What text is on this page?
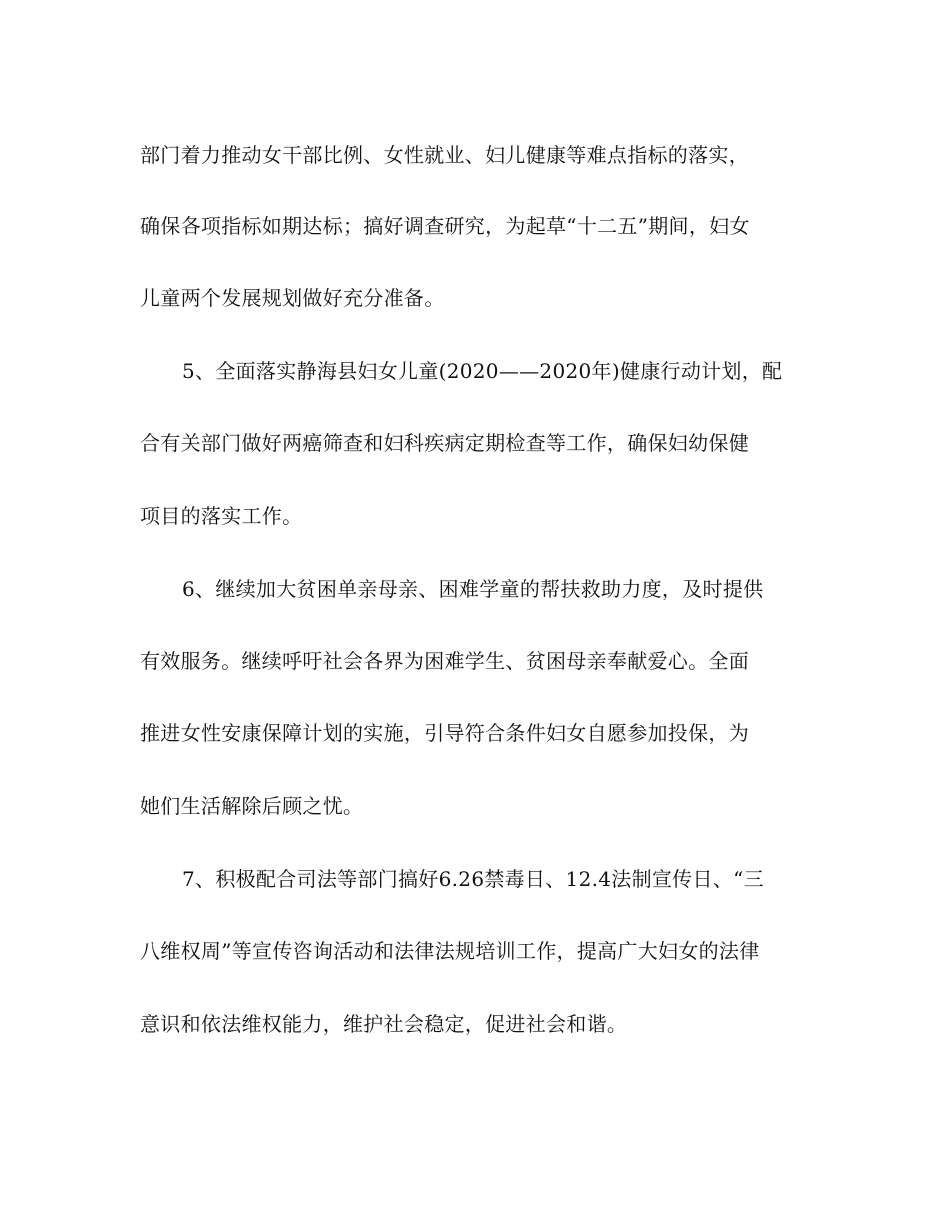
部门着力推动女干部比例、女性就业、妇儿健康等难点指标的落实，
确保各项指标如期达标；搞好调查研究，为起草“十二五”期间，妇女
儿童两个发展规划做好充分准备。
5、全面落实静海县妇女儿童(2020——2020年)健康行动计划，配
合有关部门做好两癌筛查和妇科疾病定期检查等工作，确保妇幼保健
项目的落实工作。
6、继续加大贫困单亲母亲、困难学童的帮扶救助力度，及时提供
有效服务。继续呼吁社会各界为困难学生、贫困母亲奉献爱心。全面
推进女性安康保障计划的实施，引导符合条件妇女自愿参加投保，为
她们生活解除后顾之忧。
7、积极配合司法等部门搞好6.26禁毒日、12.4法制宣传日、“三
八维权周”等宣传咨询活动和法律法规培训工作，提高广大妇女的法律
意识和依法维权能力，维护社会稳定，促进社会和谐。
